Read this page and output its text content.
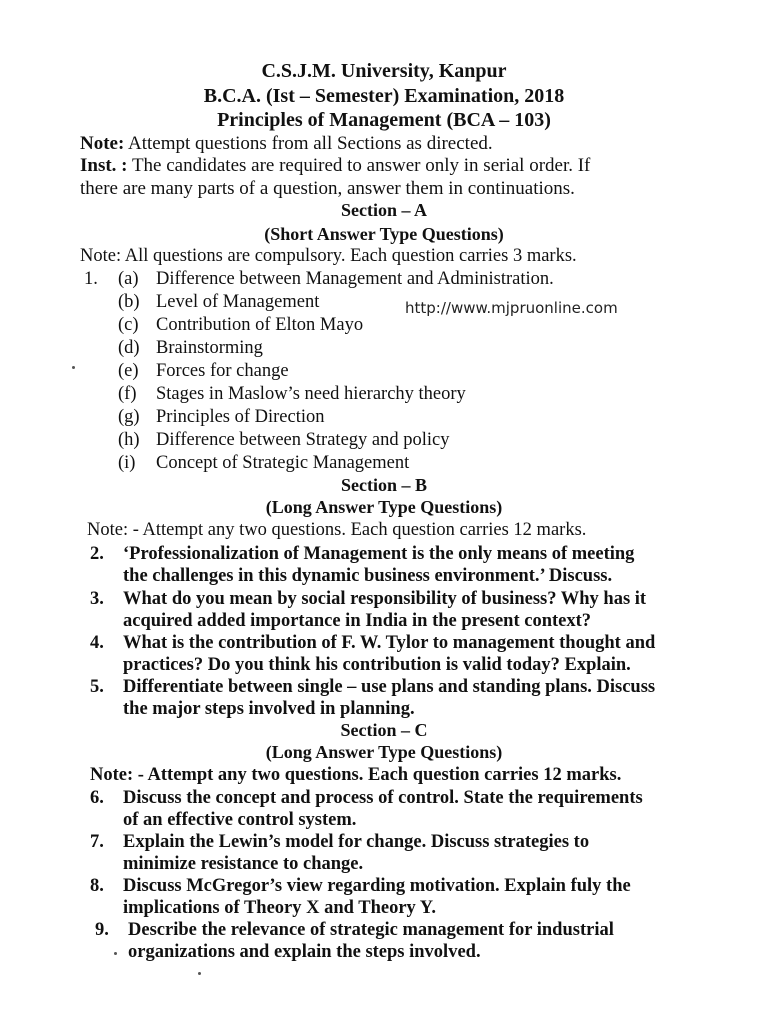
C.S.J.M. University, Kanpur
B.C.A. (Ist – Semester) Examination, 2018
Principles of Management (BCA – 103)
Note: Attempt questions from all Sections as directed.
Inst. : The candidates are required to answer only in serial order. If
there are many parts of a question, answer them in continuations.
Section – A
(Short Answer Type Questions)
Note: All questions are compulsory. Each question carries 3 marks.
1. (a) Difference between Management and Administration.
(b) Level of Management
(c) Contribution of Elton Mayo
(d) Brainstorming
(e) Forces for change
(f) Stages in Maslow’s need hierarchy theory
(g) Principles of Direction
(h) Difference between Strategy and policy
(i) Concept of Strategic Management
http://www.mjpruonline.com
Section – B
(Long Answer Type Questions)
Note: - Attempt any two questions. Each question carries 12 marks.
2.	‘Professionalization of Management is the only means of meeting
the challenges in this dynamic business environment.’ Discuss.
3.	What do you mean by social responsibility of business? Why has it
acquired added importance in India in the present context?
4.	What is the contribution of F. W. Tylor to management thought and
practices? Do you think his contribution is valid today? Explain.
5.	Differentiate between single – use plans and standing plans. Discuss
the major steps involved in planning.
Section – C
(Long Answer Type Questions)
Note: - Attempt any two questions. Each question carries 12 marks.
6.	Discuss the concept and process of control. State the requirements
of an effective control system.
7.	Explain the Lewin’s model for change. Discuss strategies to
minimize resistance to change.
8.	Discuss McGregor’s view regarding motivation. Explain fuly the
implications of Theory X and Theory Y.
9.	Describe the relevance of strategic management for industrial
organizations and explain the steps involved.
